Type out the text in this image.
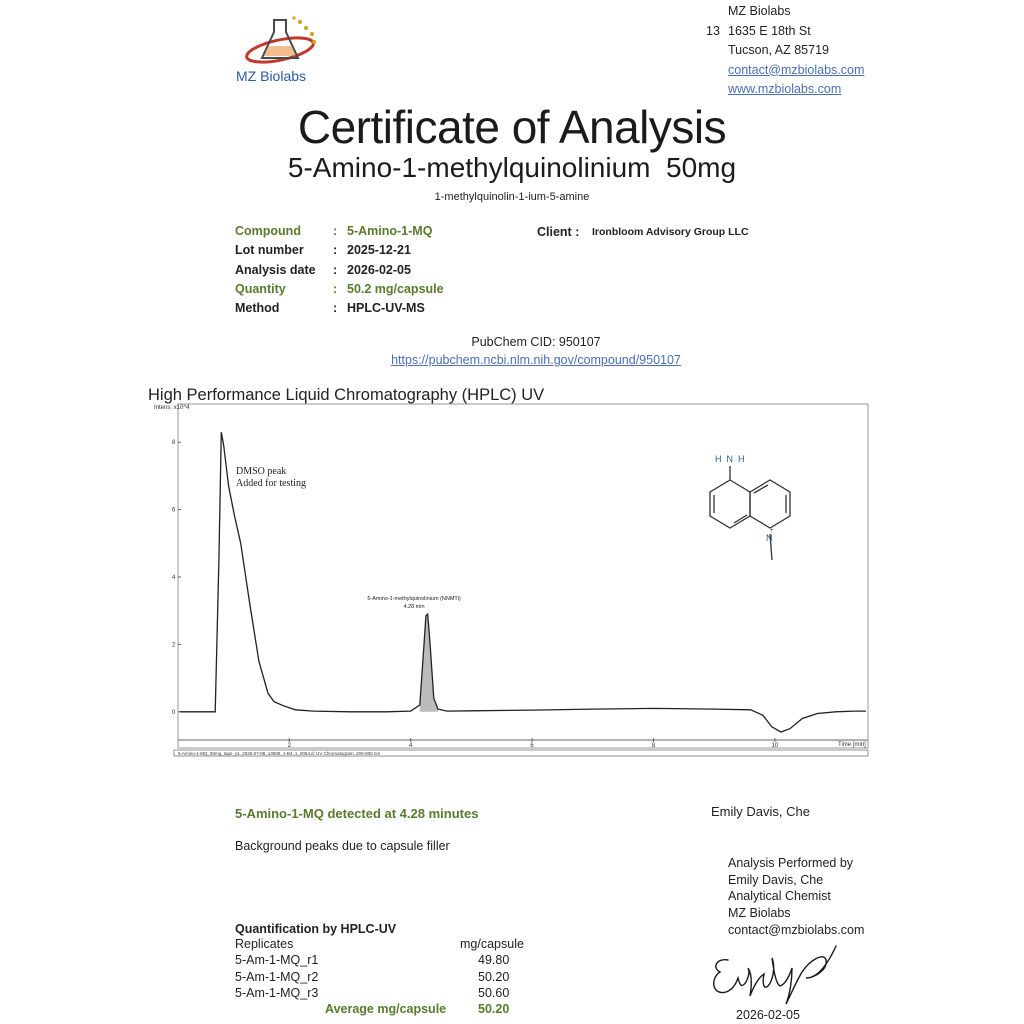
MZ Biolabs
MZ Biolabs
13 1635 E 18th St
Tucson, AZ 85719
contact@mzbiolabs.com
www.mzbiolabs.com
Certificate of Analysis
5-Amino-1-methylquinolinium  50mg
1-methylquinolin-1-ium-5-amine
Compound	: 5-Amino-1-MQ
Lot number : 2025-12-21
Analysis date : 2026-02-05
Quantity	: 50.2 mg/capsule
Method	: HPLC-UV-MS
Client : Ironbloom Advisory Group LLC
PubChem CID: 950107
https://pubchem.ncbi.nlm.nih.gov/compound/950107
High Performance Liquid Chromatography (HPLC) UV
0
2
4
6
8
2	4	6	8	10
Intens. x10^4
Time [min]
DMSO peak
Added for testing
5-Amino-1-methylquinolinium (NNMTi)
4.28 min
5-Amino-1-MQ_50mg_tape_y1_2025-07-08_13909_1-B4_1_0054.d: UV Chromatogram, 200-800 nm
H  N  H
N
+
5-Amino-1-MQ detected at 4.28 minutes
Background peaks due to capsule filler
Emily Davis, Che
Analysis Performed by
Emily Davis, Che
Analytical Chemist
MZ Biolabs
contact@mzbiolabs.com
Quantification by HPLC-UV
Replicates	mg/capsule
5-Am-1-MQ_r1	49.80
5-Am-1-MQ_r2	50.20
5-Am-1-MQ_r3	50.60
Average mg/capsule	50.20	2026-02-05
